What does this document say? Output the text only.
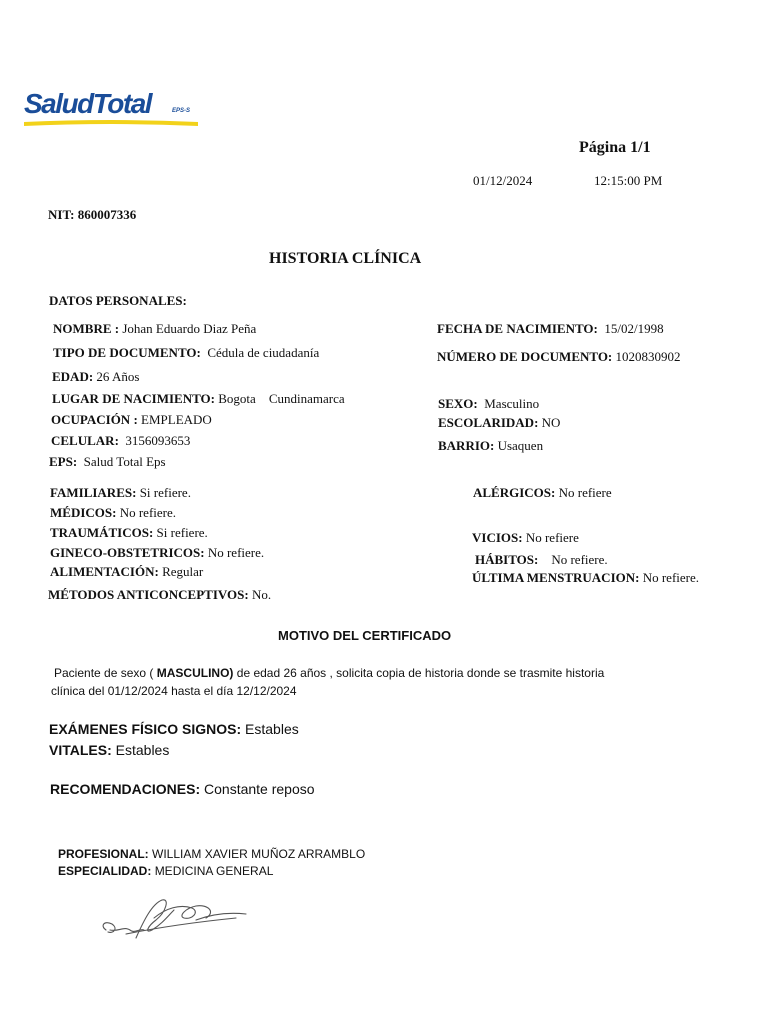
SaludTotal	EPS-S
Página 1/1
01/12/2024	12:15:00 PM
NIT: 860007336
HISTORIA CLÍNICA
DATOS PERSONALES:
NOMBRE : Johan Eduardo Diaz Peña
TIPO DE DOCUMENTO: Cédula de ciudadanía
EDAD: 26 Años
LUGAR DE NACIMIENTO: Bogota Cundinamarca
OCUPACIÓN : EMPLEADO
CELULAR: 3156093653
EPS: Salud Total Eps
FECHA DE NACIMIENTO: 15/02/1998
NÚMERO DE DOCUMENTO: 1020830902
SEXO: Masculino
ESCOLARIDAD: NO
BARRIO: Usaquen
FAMILIARES: Si refiere.
MÉDICOS: No refiere.
TRAUMÁTICOS: Si refiere.
GINECO-OBSTETRICOS: No refiere.
ALIMENTACIÓN: Regular
MÉTODOS ANTICONCEPTIVOS: No.
ALÉRGICOS: No refiere
VICIOS: No refiere
HÁBITOS: No refiere.
ÚLTIMA MENSTRUACION: No refiere.
MOTIVO DEL CERTIFICADO
Paciente de sexo ( MASCULINO) de edad 26 años , solicita copia de historia donde se trasmite historia
clínica del 01/12/2024 hasta el día 12/12/2024
EXÁMENES FÍSICO SIGNOS: Estables
VITALES: Estables
RECOMENDACIONES: Constante reposo
PROFESIONAL: WILLIAM XAVIER MUÑOZ ARRAMBLO
ESPECIALIDAD: MEDICINA GENERAL
